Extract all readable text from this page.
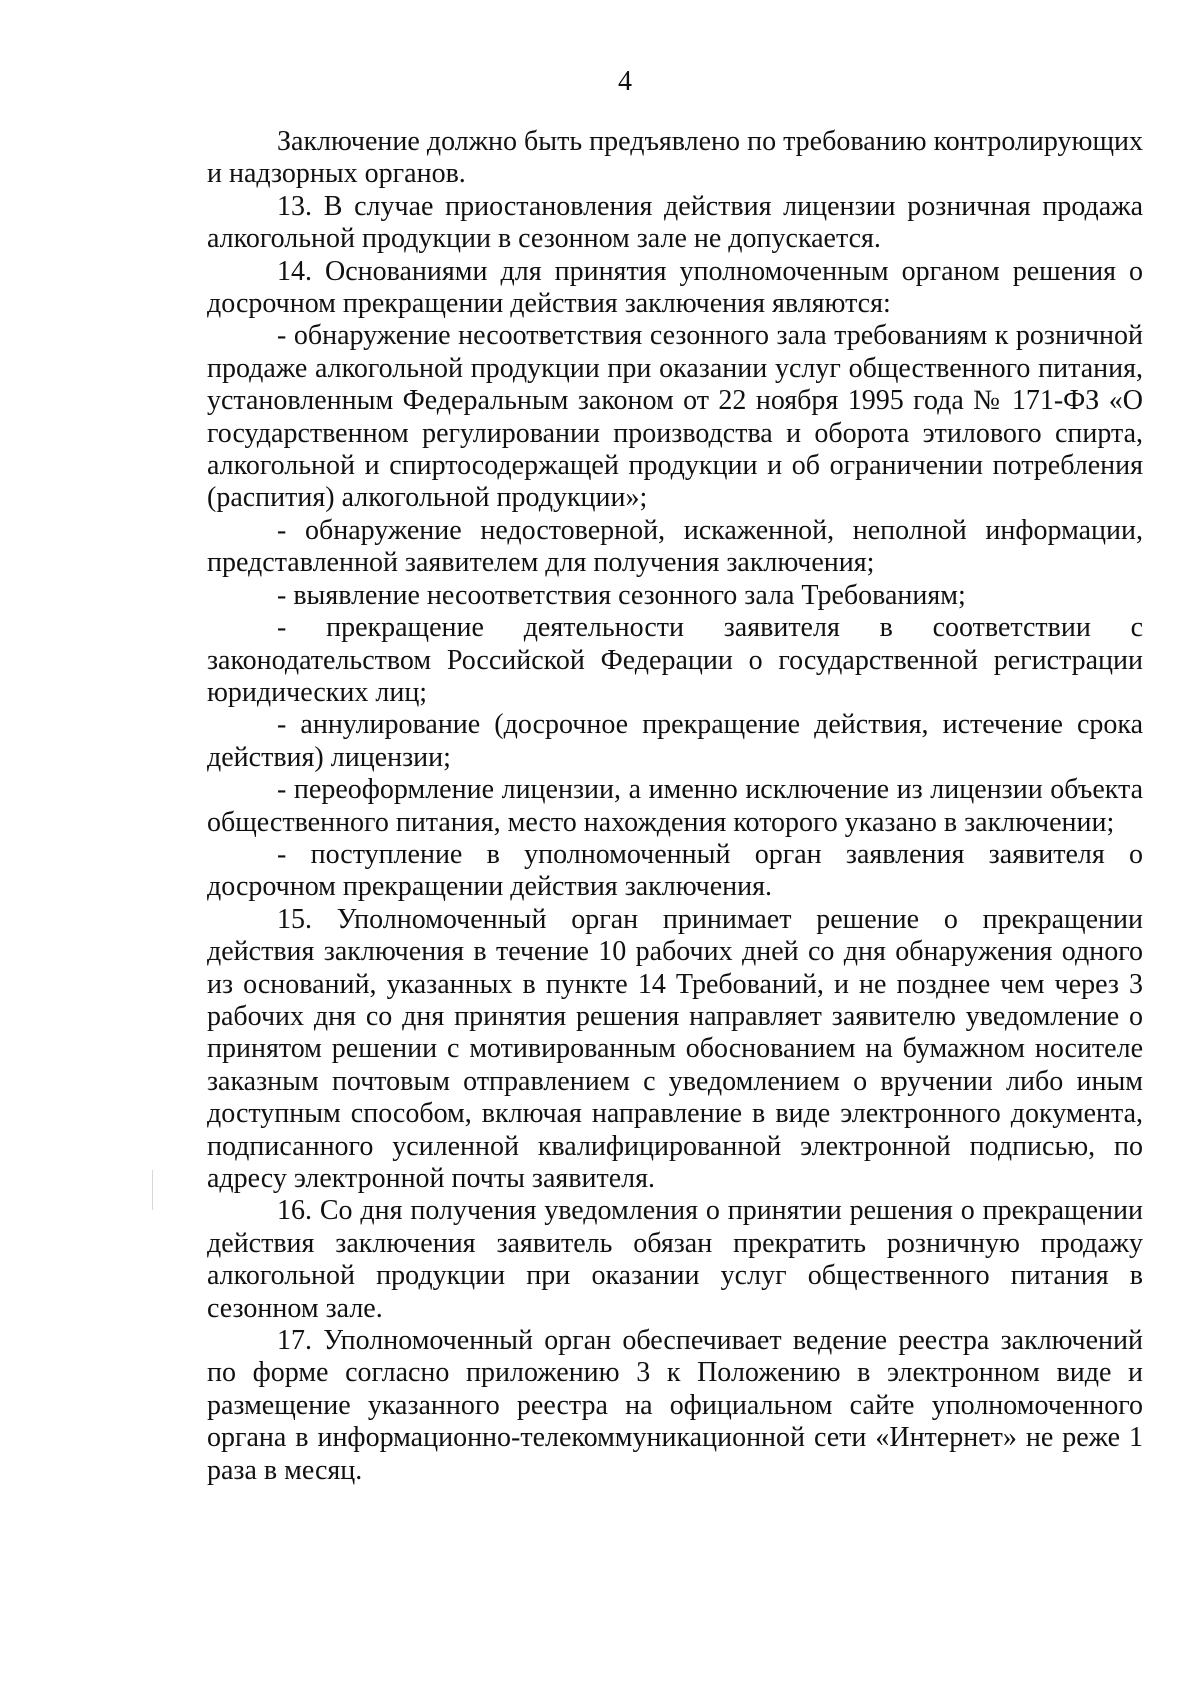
4

Заключение должно быть предъявлено по требованию контролирующих и надзорных органов.

13. В случае приостановления действия лицензии розничная продажа алкогольной продукции в сезонном зале не допускается.

14. Основаниями для принятия уполномоченным органом решения о досрочном прекращении действия заключения являются:

- обнаружение несоответствия сезонного зала требованиям к розничной продаже алкогольной продукции при оказании услуг общественного питания, установленным Федеральным законом от 22 ноября 1995 года № 171-ФЗ «О государственном регулировании производства и оборота этилового спирта, алкогольной и спиртосодержащей продукции и об ограничении потребления (распития) алкогольной продукции»;

- обнаружение недостоверной, искаженной, неполной информации, представленной заявителем для получения заключения;

- выявление несоответствия сезонного зала Требованиям;

- прекращение деятельности заявителя в соответствии с законодательством Российской Федерации о государственной регистрации юридических лиц;

- аннулирование (досрочное прекращение действия, истечение срока действия) лицензии;

- переоформление лицензии, а именно исключение из лицензии объекта общественного питания, место нахождения которого указано в заключении;

- поступление в уполномоченный орган заявления заявителя о досрочном прекращении действия заключения.

15. Уполномоченный орган принимает решение о прекращении действия заключения в течение 10 рабочих дней со дня обнаружения одного из оснований, указанных в пункте 14 Требований, и не позднее чем через 3 рабочих дня со дня принятия решения направляет заявителю уведомление о принятом решении с мотивированным обоснованием на бумажном носителе заказным почтовым отправлением с уведомлением о вручении либо иным доступным способом, включая направление в виде электронного документа, подписанного усиленной квалифицированной электронной подписью, по адресу электронной почты заявителя.

16. Со дня получения уведомления о принятии решения о прекращении действия заключения заявитель обязан прекратить розничную продажу алкогольной продукции при оказании услуг общественного питания в сезонном зале.

17. Уполномоченный орган обеспечивает ведение реестра заключений по форме согласно приложению 3 к Положению в электронном виде и размещение указанного реестра на официальном сайте уполномоченного органа в информационно-телекоммуникационной сети «Интернет» не реже 1 раза в месяц.
